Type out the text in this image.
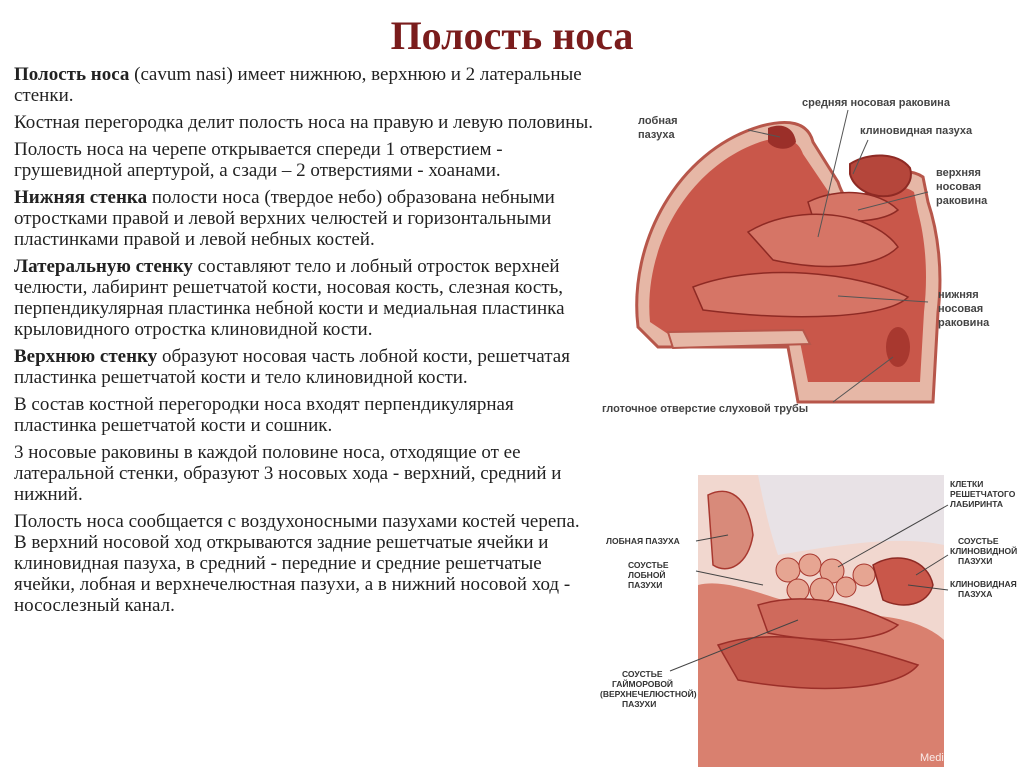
Полость носа

Полость носа (cavum nasi) имеет нижнюю, верхнюю и 2 латеральные стенки.

Костная перегородка делит полость носа на правую и левую половины.

Полость носа на черепе открывается спереди 1 отверстием - грушевидной апертурой, а сзади – 2 отверстиями - хоанами.

Нижняя стенка полости носа (твердое небо) образована небными отростками правой и левой верхних челюстей и горизонтальными пластинками правой и левой небных костей.

Латеральную стенку составляют тело и лобный отросток верхней челюсти, лабиринт решетчатой кости, носовая кость, слезная кость, перпендикулярная пластинка небной кости и медиальная пластинка крыловидного отростка клиновидной кости.

Верхнюю стенку образуют носовая часть лобной кости, решетчатая пластинка решетчатой кости и тело клиновидной кости.

В состав костной перегородки носа входят перпендикулярная пластинка решетчатой кости и сошник.

3 носовые раковины в каждой половине носа, отходящие от ее латеральной стенки, образуют 3 носовых хода - верхний, средний и нижний.

Полость носа сообщается с воздухоносными пазухами костей черепа. В верхний носовой ход открываются задние решетчатые ячейки и клиновидная пазуха, в средний - передние и средние решетчатые ячейки, лобная и верхнечелюстная пазухи, а в нижний носовой ход - носослезный канал.

средняя носовая раковина
лобная
пазуха	клиновидная пазуха
верхняя
носовая
раковина
нижняя
носовая
раковина
глоточное отверстие слуховой трубы
КЛЕТКИ
РЕШЕТЧАТОГО
ЛАБИРИНТА
ЛОБНАЯ ПАЗУХА
СОУСТЬЕ
ЛОБНОЙ
ПАЗУХИ
СОУСТЬЕ
КЛИНОВИДНОЙ
ПАЗУХИ
КЛИНОВИДНАЯ
ПАЗУХА
СОУСТЬЕ
ГАЙМОРОВОЙ
(ВЕРХНЕЧЕЛЮСТНОЙ)
ПАЗУХИ
MedikForum.ru
